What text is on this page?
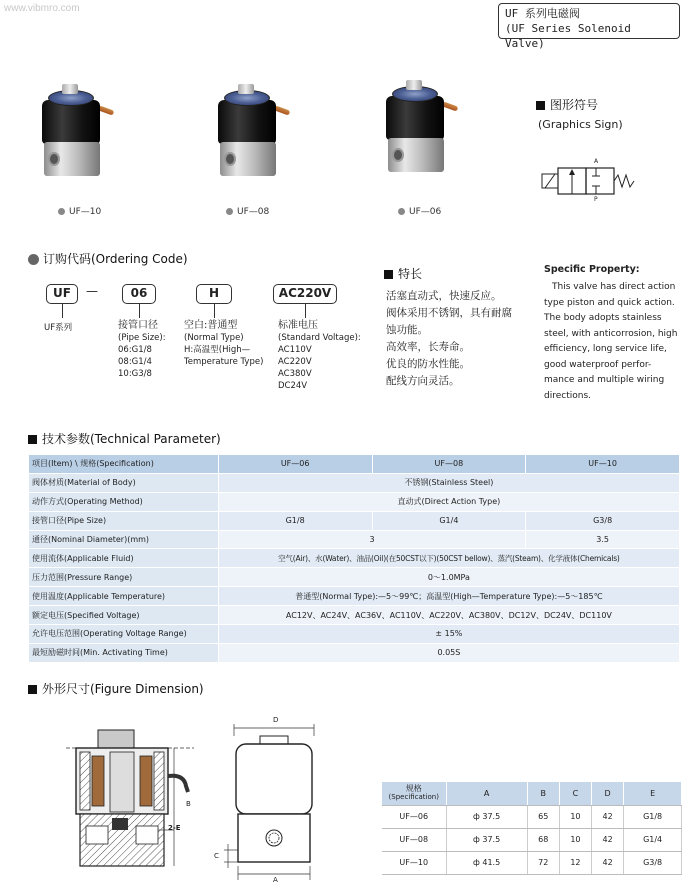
www.vibmro.com	UF 系列电磁阀
(UF Series Solenoid Valve)
UF—10	UF—08	UF—06
图形符号
(Graphics Sign)
A
P
订购代码(Ordering Code)
UF	—	06	H	AC220V
UF系列	接管口径
(Pipe Size):
06:G1/8
08:G1/4
10:G3/8
空白:普通型
(Normal Type)
H:高温型(High—
Temperature Type)
标准电压
(Standard Voltage):
AC110V
AC220V
AC380V
DC24V
特长
活塞直动式，快速反应。
阀体采用不锈钢，具有耐腐
蚀功能。
高效率，长寿命。
优良的防水性能。
配线方向灵活。
Specific Property:
This valve has direct action
type piston and quick action.
The body adopts stainless
steel, with anticorrosion, high
efficiency, long service life,
good waterproof perfor-
mance and multiple wiring
directions.
技术参数(Technical Parameter)
项目(Item) \ 规格(Specification)	UF—06	UF—08	UF—10
阀体材质(Material of Body)	不锈钢(Stainless Steel)		
动作方式(Operating Method)	直动式(Direct Action Type)		
接管口径(Pipe Size)	G1/8	G1/4	G3/8
通径(Nominal Diameter)(mm)	3		3.5
使用流体(Applicable Fluid)	空气(Air)、水(Water)、油品(Oil)(在50CST以下)(50CST bellow)、蒸汽(Steam)、化学液体(Chemicals)		
压力范围(Pressure Range)	0～1.0MPa		
使用温度(Applicable Temperature)	普通型(Normal Type):—5～99℃；高温型(High—Temperature Type):—5～185℃		
额定电压(Specified Voltage)	AC12V、AC24V、AC36V、AC110V、AC220V、AC380V、DC12V、DC24V、DC110V		
允许电压范围(Operating Voltage Range)	± 15%		
最短励磁时间(Min. Activating Time)	0.05S		
外形尺寸(Figure Dimension)
B
2-E
D
C
A
规格
(Specification)	A	B	C	D	E
UF—06	ф 37.5	65	10	42	G1/8
UF—08	ф 37.5	68	10	42	G1/4
UF—10	ф 41.5	72	12	42	G3/8
